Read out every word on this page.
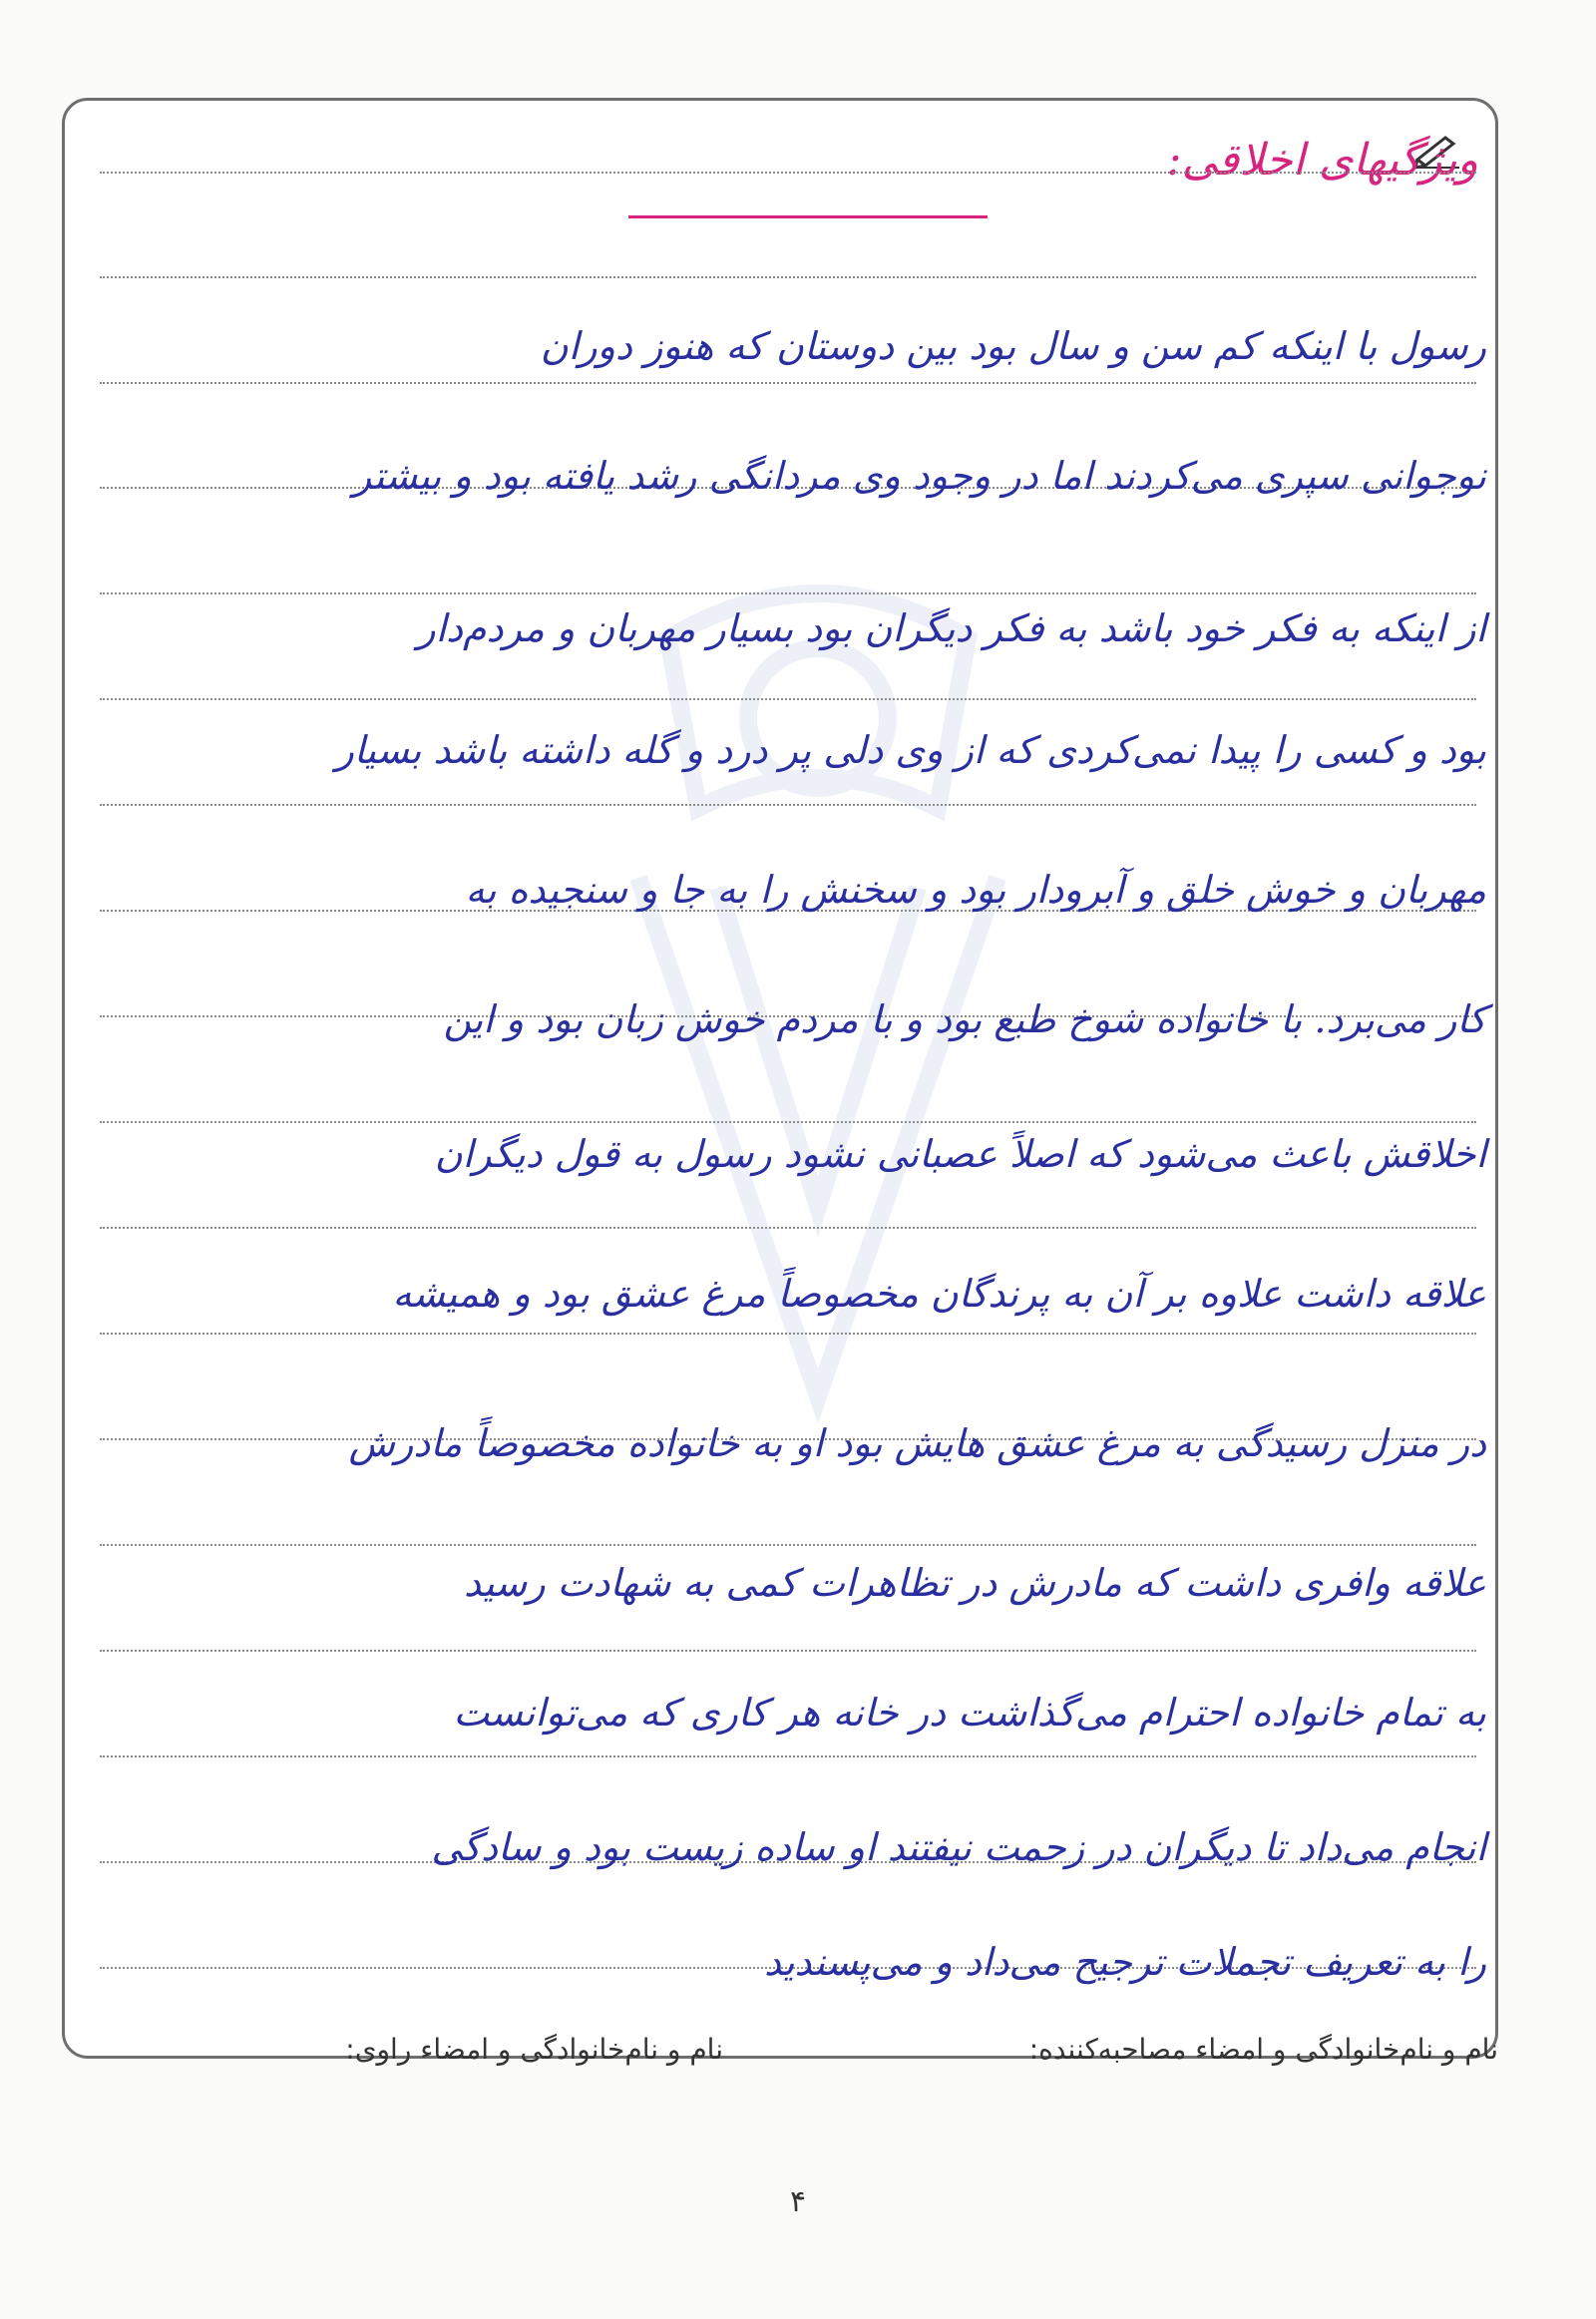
ویژگیهای اخلاقی:
رسول با اینکه کم سن و سال بود بین دوستان که هنوز دوران
نوجوانی سپری می‌کردند اما در وجود وی مردانگی رشد یافته بود و بیشتر
از اینکه به فکر خود باشد به فکر دیگران بود بسیار مهربان و مردم‌دار
بود و کسی را پیدا نمی‌کردی که از وی دلی پر درد و گله داشته باشد بسیار
مهربان و خوش خلق و آبرودار بود و سخنش را به جا و سنجیده به
کار می‌برد. با خانواده شوخ طبع بود و با مردم خوش زبان بود و این
اخلاقش باعث می‌شود که اصلاً عصبانی نشود رسول به قول دیگران
علاقه داشت علاوه بر آن به پرندگان مخصوصاً مرغ عشق بود و همیشه
در منزل رسیدگی به مرغ عشق هایش بود او به خانواده مخصوصاً مادرش
علاقه وافری داشت که مادرش در تظاهرات کمی به شهادت رسید
به تمام خانواده احترام می‌گذاشت در خانه هر کاری که می‌توانست
انجام می‌داد تا دیگران در زحمت نیفتند او ساده زیست بود و سادگی
را به تعریف تجملات ترجیح می‌داد و می‌پسندید
نام و نام‌خانوادگی و امضاء مصاحبه‌کننده:
نام و نام‌خانوادگی و امضاء راوی:
۴
